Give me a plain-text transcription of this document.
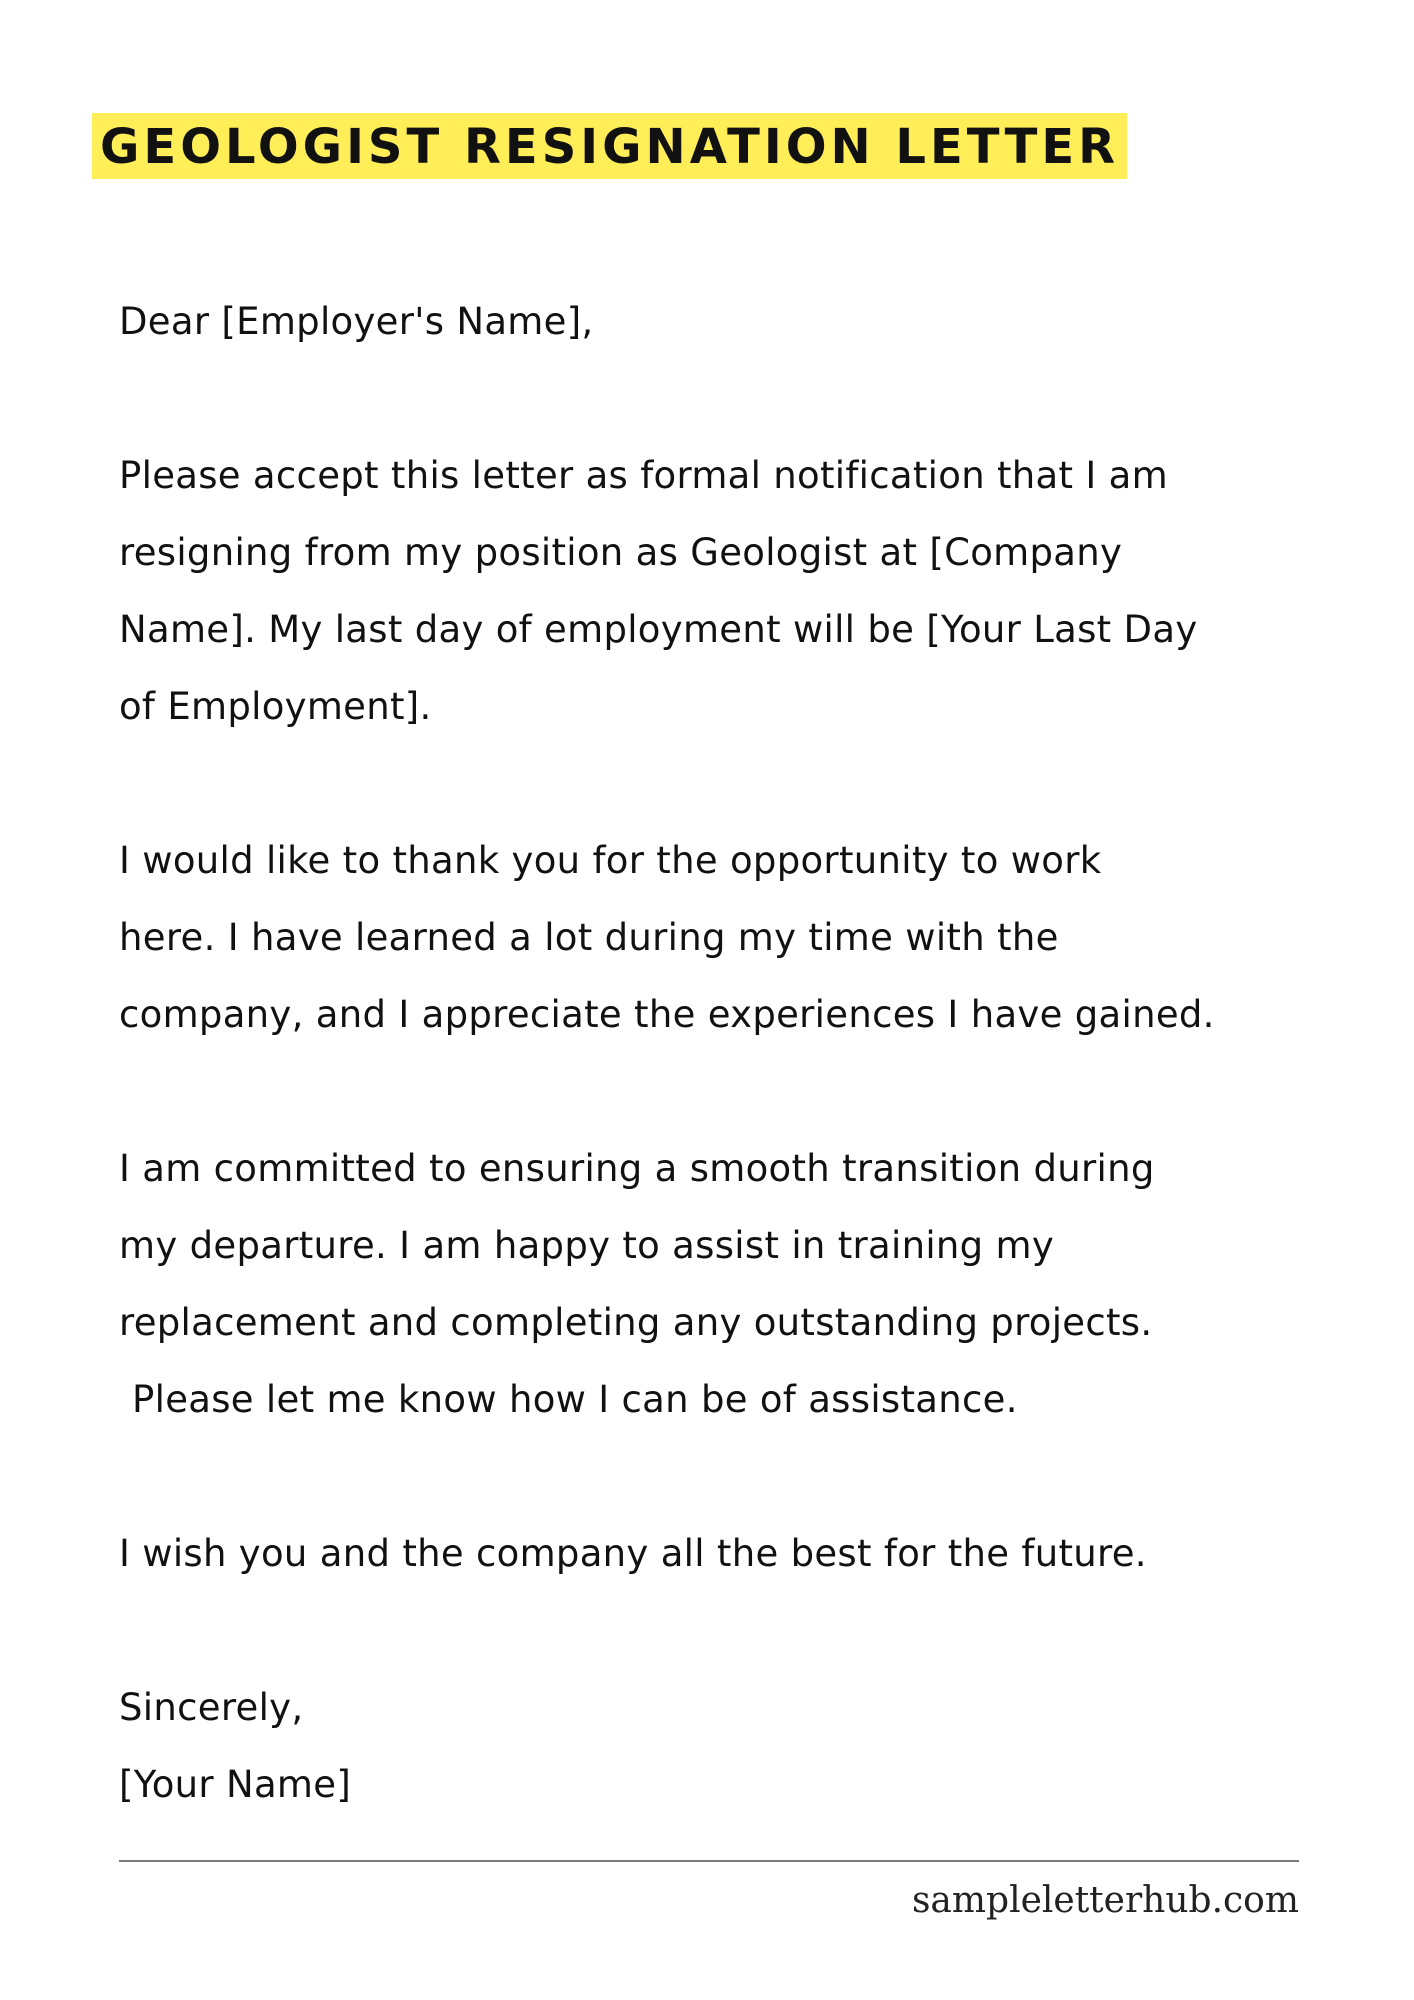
GEOLOGIST RESIGNATION LETTER
Dear [Employer's Name],
Please accept this letter as formal notification that I am
resigning from my position as Geologist at [Company
Name]. My last day of employment will be [Your Last Day
of Employment].
I would like to thank you for the opportunity to work
here. I have learned a lot during my time with the
company, and I appreciate the experiences I have gained.
I am committed to ensuring a smooth transition during
my departure. I am happy to assist in training my
replacement and completing any outstanding projects.
Please let me know how I can be of assistance.
I wish you and the company all the best for the future.
Sincerely,
[Your Name]
sampleletterhub.com
